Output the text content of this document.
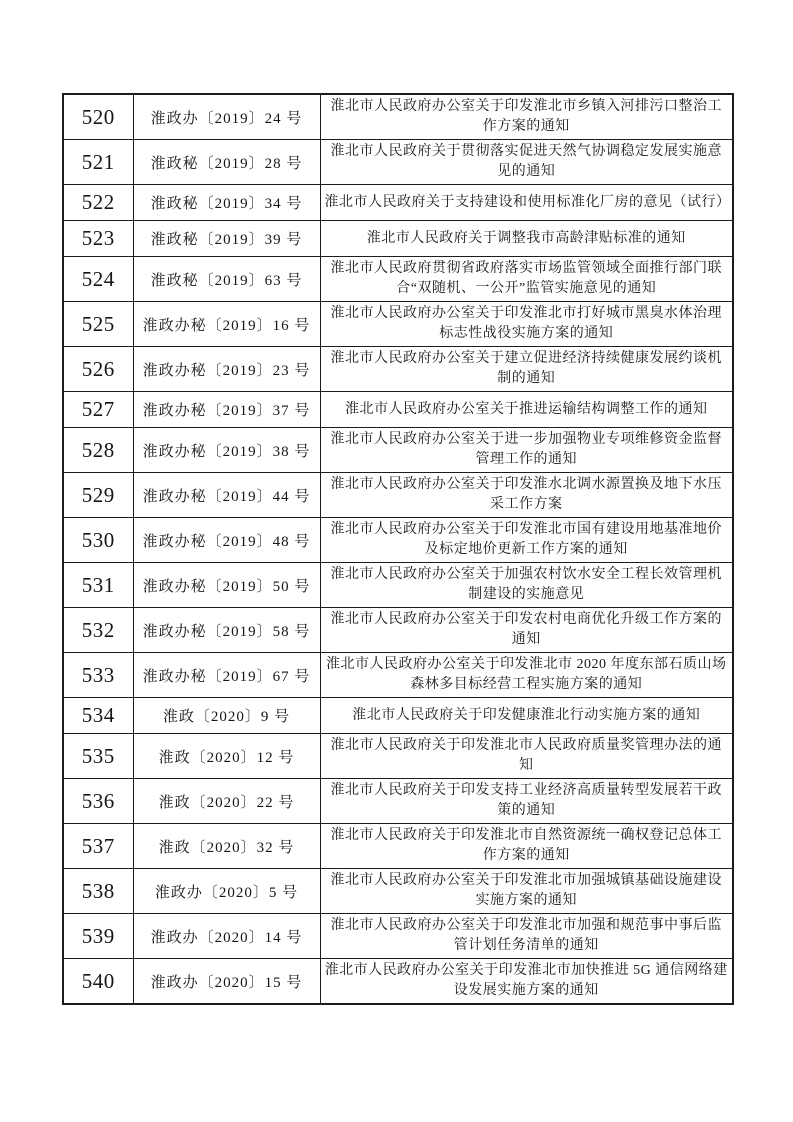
520	淮政办〔2019〕24 号	淮北市人民政府办公室关于印发淮北市乡镇入河排污口整治工作方案的通知
521	淮政秘〔2019〕28 号	淮北市人民政府关于贯彻落实促进天然气协调稳定发展实施意见的通知
522	淮政秘〔2019〕34 号	淮北市人民政府关于支持建设和使用标准化厂房的意见（试行）
523	淮政秘〔2019〕39 号	淮北市人民政府关于调整我市高龄津贴标准的通知
524	淮政秘〔2019〕63 号	淮北市人民政府贯彻省政府落实市场监管领域全面推行部门联合“双随机、一公开”监管实施意见的通知
525	淮政办秘〔2019〕16 号	淮北市人民政府办公室关于印发淮北市打好城市黑臭水体治理标志性战役实施方案的通知
526	淮政办秘〔2019〕23 号	淮北市人民政府办公室关于建立促进经济持续健康发展约谈机制的通知
527	淮政办秘〔2019〕37 号	淮北市人民政府办公室关于推进运输结构调整工作的通知
528	淮政办秘〔2019〕38 号	淮北市人民政府办公室关于进一步加强物业专项维修资金监督管理工作的通知
529	淮政办秘〔2019〕44 号	淮北市人民政府办公室关于印发淮水北调水源置换及地下水压采工作方案
530	淮政办秘〔2019〕48 号	淮北市人民政府办公室关于印发淮北市国有建设用地基准地价及标定地价更新工作方案的通知
531	淮政办秘〔2019〕50 号	淮北市人民政府办公室关于加强农村饮水安全工程长效管理机制建设的实施意见
532	淮政办秘〔2019〕58 号	淮北市人民政府办公室关于印发农村电商优化升级工作方案的通知
533	淮政办秘〔2019〕67 号	淮北市人民政府办公室关于印发淮北市 2020 年度东部石质山场森林多目标经营工程实施方案的通知
534	淮政〔2020〕9 号	淮北市人民政府关于印发健康淮北行动实施方案的通知
535	淮政〔2020〕12 号	淮北市人民政府关于印发淮北市人民政府质量奖管理办法的通知
536	淮政〔2020〕22 号	淮北市人民政府关于印发支持工业经济高质量转型发展若干政策的通知
537	淮政〔2020〕32 号	淮北市人民政府关于印发淮北市自然资源统一确权登记总体工作方案的通知
538	淮政办〔2020〕5 号	淮北市人民政府办公室关于印发淮北市加强城镇基础设施建设实施方案的通知
539	淮政办〔2020〕14 号	淮北市人民政府办公室关于印发淮北市加强和规范事中事后监管计划任务清单的通知
540	淮政办〔2020〕15 号	淮北市人民政府办公室关于印发淮北市加快推进 5G 通信网络建设发展实施方案的通知
